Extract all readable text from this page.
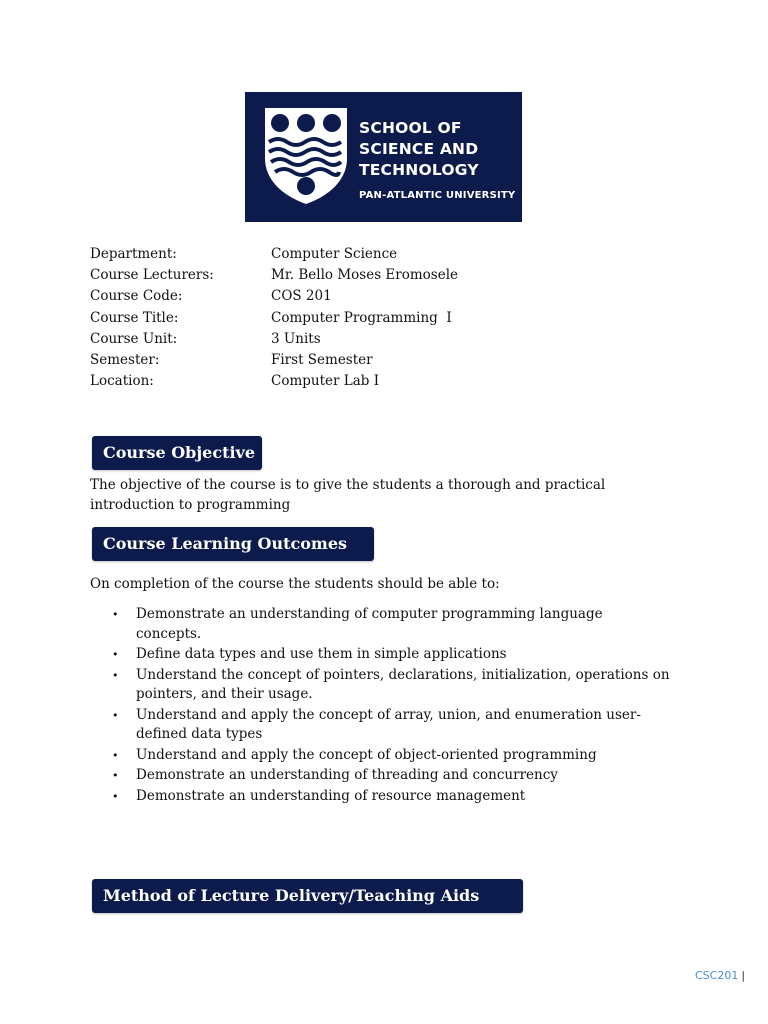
SCHOOL OF
SCIENCE AND
TECHNOLOGY
PAN-ATLANTIC UNIVERSITY
Department:	Computer Science
Course Lecturers:	Mr. Bello Moses Eromosele
Course Code:	COS 201
Course Title:	Computer Programming  I
Course Unit:	3 Units
Semester:	First Semester
Location:	Computer Lab I
Course Objective
The objective of the course is to give the students a thorough and practical introduction to programming
Course Learning Outcomes
On completion of the course the students should be able to:
• Demonstrate an understanding of computer programming language concepts.
• Define data types and use them in simple applications
• Understand the concept of pointers, declarations, initialization, operations on pointers, and their usage.
• Understand and apply the concept of array, union, and enumeration user-defined data types
• Understand and apply the concept of object-oriented programming
• Demonstrate an understanding of threading and concurrency
• Demonstrate an understanding of resource management
Method of Lecture Delivery/Teaching Aids
CSC201 |
